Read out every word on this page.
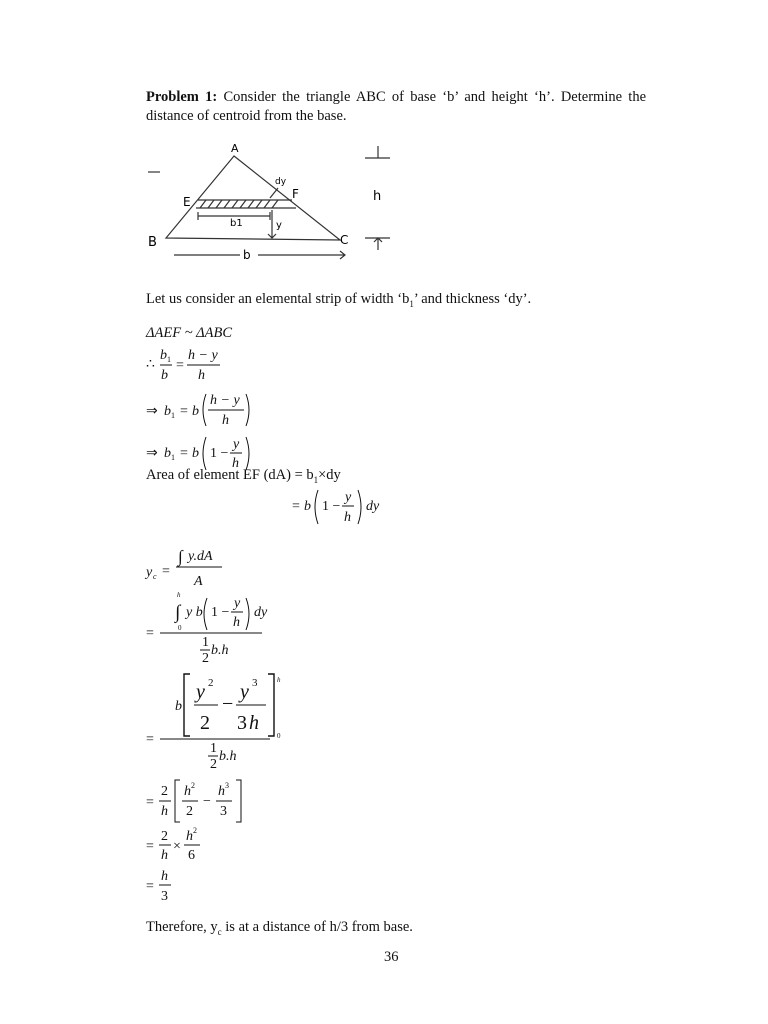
Problem 1: Consider the triangle ABC of base ‘b’ and height ‘h’. Determine the distance of centroid from the base.
A
B	C
E
F
b1
dy
y
b
h
Let us consider an elemental strip of width ‘$b_1$’ and thickness ‘dy’.
ΔAEF ~ ΔABC
∴
b 1
b
=
h − y
h
⇒ b 1 = b
h − y
h
⇒ b 1 = b 1 −
y
h
Area of element EF $(dA) = b_1\times dy$
= b 1 −
y
h
dy
y c =
∫ y.dA
A
h
∫
0
y b 1 −
y
h
dy
=
1
2
b.h
b
y 2
2
−
y 3
3 h
h
0
=
1
2
b.h
=
2
h
h 2
2
−
h 3
3
=
2
h
×
h 2
6
=
h
3
Therefore, $y_c$ is at a distance of h/3 from base.
36
